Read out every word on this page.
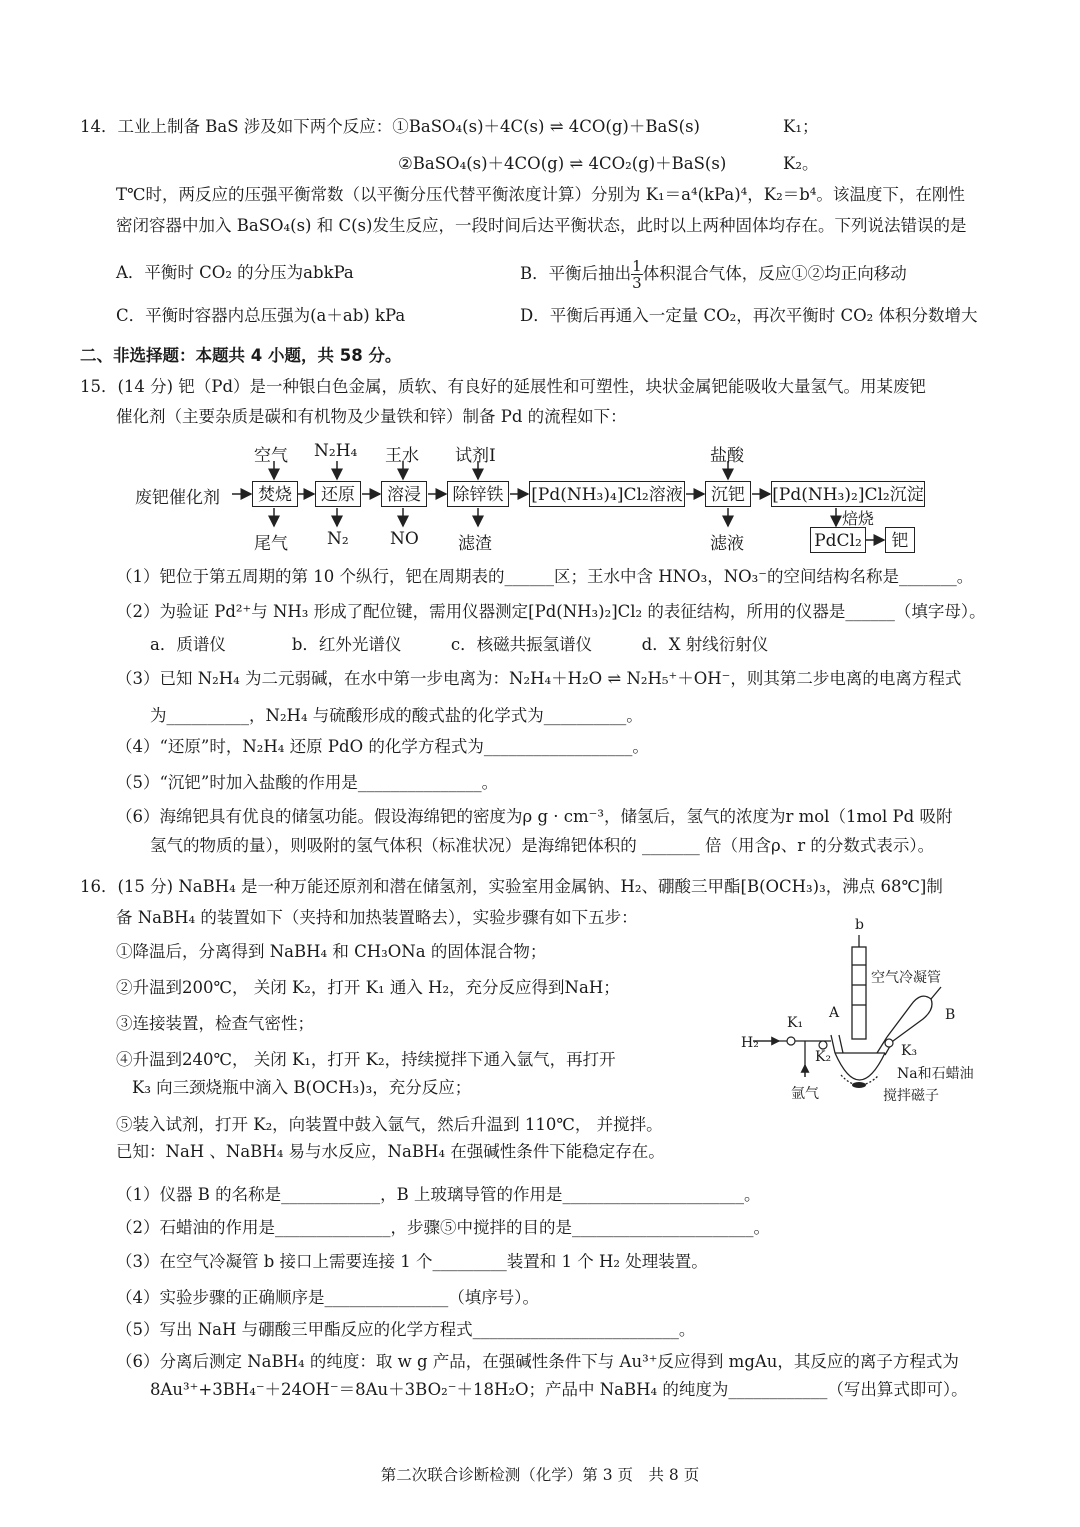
14．工业上制备 BaS 涉及如下两个反应：①BaSO₄(s)＋4C(s) ⇌ 4CO(g)＋BaS(s)	K₁；
②BaSO₄(s)＋4CO(g) ⇌ 4CO₂(g)＋BaS(s)	K₂。
T℃时，两反应的压强平衡常数（以平衡分压代替平衡浓度计算）分别为 K₁＝a⁴(kPa)⁴，K₂＝b⁴。该温度下，在刚性
密闭容器中加入 BaSO₄(s) 和 C(s)发生反应，一段时间后达平衡状态，此时以上两种固体均存在。下列说法错误的是
A．平衡时 CO₂ 的分压为abkPa	B．平衡后抽出 $\frac{1}{3}$ 体积混合气体，反应①②均正向移动
C．平衡时容器内总压强为(a＋ab) kPa	D．平衡后再通入一定量 CO₂，再次平衡时 CO₂ 体积分数增大
二、非选择题：本题共 4 小题，共 58 分。
15．(14 分) 钯（Pd）是一种银白色金属，质软、有良好的延展性和可塑性，块状金属钯能吸收大量氢气。用某废钯
催化剂（主要杂质是碳和有机物及少量铁和锌）制备 Pd 的流程如下：
废钯催化剂	焚烧	还原	溶浸	除锌铁	[Pd(NH₃)₄]Cl₂溶液	沉钯	[Pd(NH₃)₂]Cl₂沉淀
PdCl₂	钯
空气 N₂H₄ 王水 试剂I	盐酸
尾气 N₂ NO 滤渣	滤液
焙烧
（1）钯位于第五周期的第 10 个纵行，钯在周期表的______区；王水中含 HNO₃，NO₃⁻的空间结构名称是_______。
（2）为验证 Pd²⁺与 NH₃ 形成了配位键，需用仪器测定[Pd(NH₃)₂]Cl₂ 的表征结构，所用的仪器是______（填字母）。
a．质谱仪　　　　b．红外光谱仪　　　c．核磁共振氢谱仪　　　d．X 射线衍射仪
（3）已知 N₂H₄ 为二元弱碱，在水中第一步电离为：N₂H₄＋H₂O ⇌ N₂H₅⁺＋OH⁻，则其第二步电离的电离方程式
为__________，N₂H₄ 与硫酸形成的酸式盐的化学式为__________。
（4）“还原”时，N₂H₄ 还原 PdO 的化学方程式为__________________。
（5）“沉钯”时加入盐酸的作用是_______________。
（6）海绵钯具有优良的储氢功能。假设海绵钯的密度为ρ g · cm⁻³，储氢后，氢气的浓度为r mol（1mol Pd 吸附
氢气的物质的量），则吸附的氢气体积（标准状况）是海绵钯体积的 _______ 倍（用含ρ、r 的分数式表示）。
16．(15 分) NaBH₄ 是一种万能还原剂和潜在储氢剂，实验室用金属钠、H₂、硼酸三甲酯[B(OCH₃)₃，沸点 68℃]制
备 NaBH₄ 的装置如下（夹持和加热装置略去），实验步骤有如下五步：
①降温后，分离得到 NaBH₄ 和 CH₃ONa 的固体混合物；
②升温到200℃， 关闭 K₂，打开 K₁ 通入 H₂，充分反应得到NaH；
③连接装置，检查气密性；
④升温到240℃， 关闭 K₁，打开 K₂，持续搅拌下通入氩气，再打开
K₃ 向三颈烧瓶中滴入 B(OCH₃)₃，充分反应；
⑤装入试剂，打开 K₂，向装置中鼓入氩气，然后升温到 110℃， 并搅拌。
已知：NaH 、NaBH₄ 易与水反应，NaBH₄ 在强碱性条件下能稳定存在。
b
空气冷凝管
B
A
K₁
K₂	K₃
H₂
氩气
Na和石蜡油
搅拌磁子
（1）仪器 B 的名称是____________，B 上玻璃导管的作用是______________________。
（2）石蜡油的作用是______________，步骤⑤中搅拌的目的是______________________。
（3）在空气冷凝管 b 接口上需要连接 1 个_________装置和 1 个 H₂ 处理装置。
（4）实验步骤的正确顺序是_______________（填序号）。
（5）写出 NaH 与硼酸三甲酯反应的化学方程式_________________________。
（6）分离后测定 NaBH₄ 的纯度：取 w g 产品，在强碱性条件下与 Au³⁺反应得到 mgAu，其反应的离子方程式为
8Au³⁺+3BH₄⁻＋24OH⁻＝8Au＋3BO₂⁻＋18H₂O；产品中 NaBH₄ 的纯度为____________（写出算式即可）。
第二次联合诊断检测（化学）第 3 页　共 8 页
